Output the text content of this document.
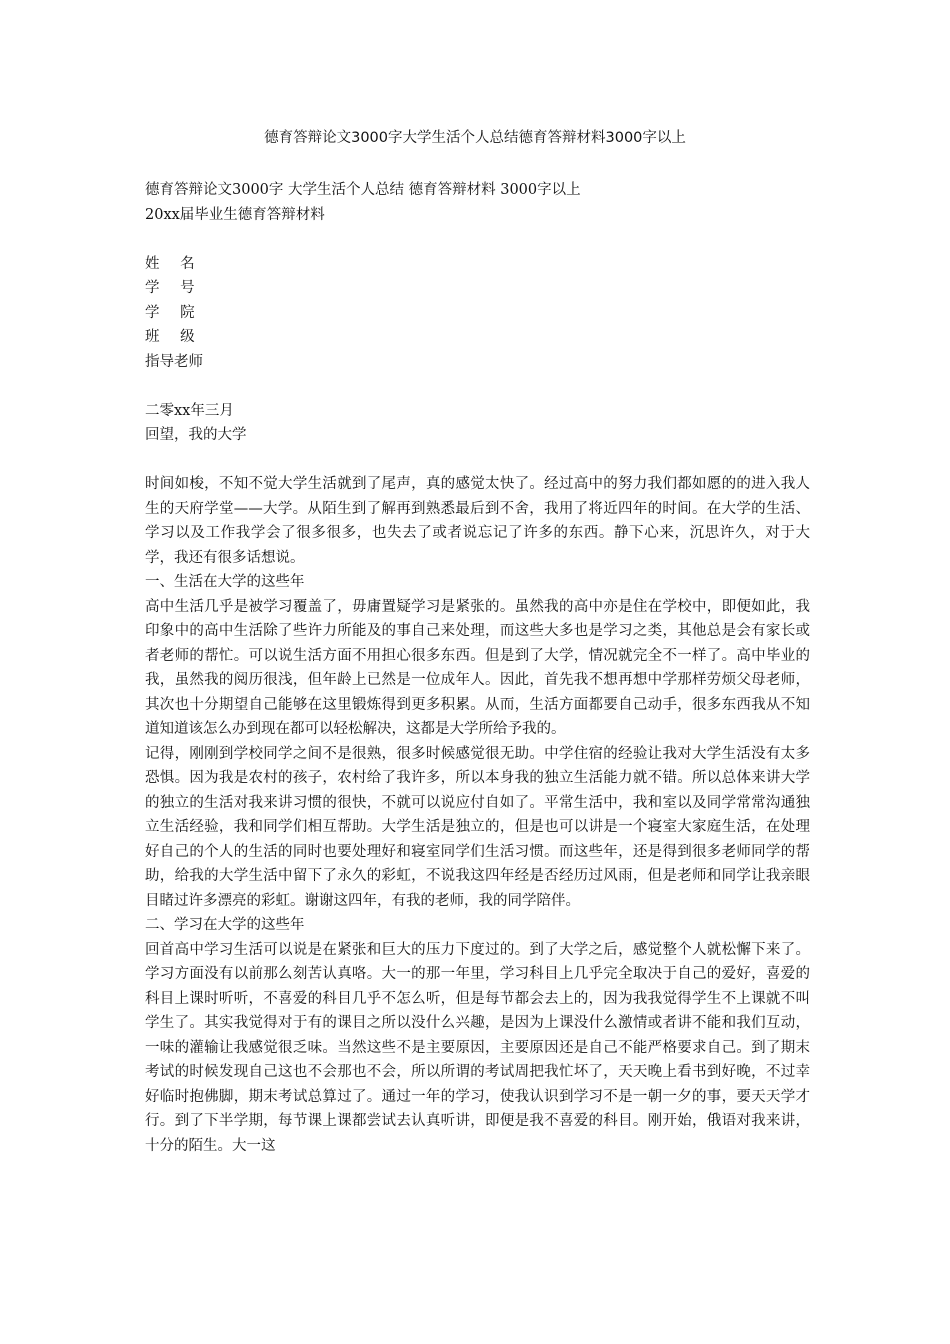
德育答辩论文3000字大学生活个人总结德育答辩材料3000字以上

德育答辩论文3000字 大学生活个人总结 德育答辩材料 3000字以上

20xx届毕业生德育答辩材料

姓 名

学 号

学 院

班 级

指导老师

二零xx年三月

回望，我的大学

时间如梭，不知不觉大学生活就到了尾声，真的感觉太快了。经过高中的努力我们都如愿的的进入我人生的天府学堂——大学。从陌生到了解再到熟悉最后到不舍，我用了将近四年的时间。在大学的生活、学习以及工作我学会了很多很多，也失去了或者说忘记了许多的东西。静下心来，沉思许久，对于大学，我还有很多话想说。

一、生活在大学的这些年

高中生活几乎是被学习覆盖了，毋庸置疑学习是紧张的。虽然我的高中亦是住在学校中，即便如此，我印象中的高中生活除了些许力所能及的事自己来处理，而这些大多也是学习之类，其他总是会有家长或者老师的帮忙。可以说生活方面不用担心很多东西。但是到了大学，情况就完全不一样了。高中毕业的我，虽然我的阅历很浅，但年龄上已然是一位成年人。因此，首先我不想再想中学那样劳烦父母老师，其次也十分期望自己能够在这里锻炼得到更多积累。从而，生活方面都要自己动手，很多东西我从不知道知道该怎么办到现在都可以轻松解决，这都是大学所给予我的。

记得，刚刚到学校同学之间不是很熟，很多时候感觉很无助。中学住宿的经验让我对大学生活没有太多恐惧。因为我是农村的孩子，农村给了我许多，所以本身我的独立生活能力就不错。所以总体来讲大学的独立的生活对我来讲习惯的很快，不就可以说应付自如了。平常生活中，我和室以及同学常常沟通独立生活经验，我和同学们相互帮助。大学生活是独立的，但是也可以讲是一个寝室大家庭生活，在处理好自己的个人的生活的同时也要处理好和寝室同学们生活习惯。而这些年，还是得到很多老师同学的帮助，给我的大学生活中留下了永久的彩虹，不说我这四年经是否经历过风雨，但是老师和同学让我亲眼目睹过许多漂亮的彩虹。谢谢这四年，有我的老师，我的同学陪伴。

二、学习在大学的这些年

回首高中学习生活可以说是在紧张和巨大的压力下度过的。到了大学之后，感觉整个人就松懈下来了。学习方面没有以前那么刻苦认真咯。大一的那一年里，学习科目上几乎完全取决于自己的爱好，喜爱的科目上课时听听，不喜爱的科目几乎不怎么听，但是每节都会去上的，因为我我觉得学生不上课就不叫学生了。其实我觉得对于有的课目之所以没什么兴趣，是因为上课没什么激情或者讲不能和我们互动，一味的灌输让我感觉很乏味。当然这些不是主要原因，主要原因还是自己不能严格要求自己。到了期末考试的时候发现自己这也不会那也不会，所以所谓的考试周把我忙坏了，天天晚上看书到好晚，不过幸好临时抱佛脚，期末考试总算过了。通过一年的学习，使我认识到学习不是一朝一夕的事，要天天学才行。到了下半学期，每节课上课都尝试去认真听讲，即便是我不喜爱的科目。刚开始，俄语对我来讲，十分的陌生。大一这
